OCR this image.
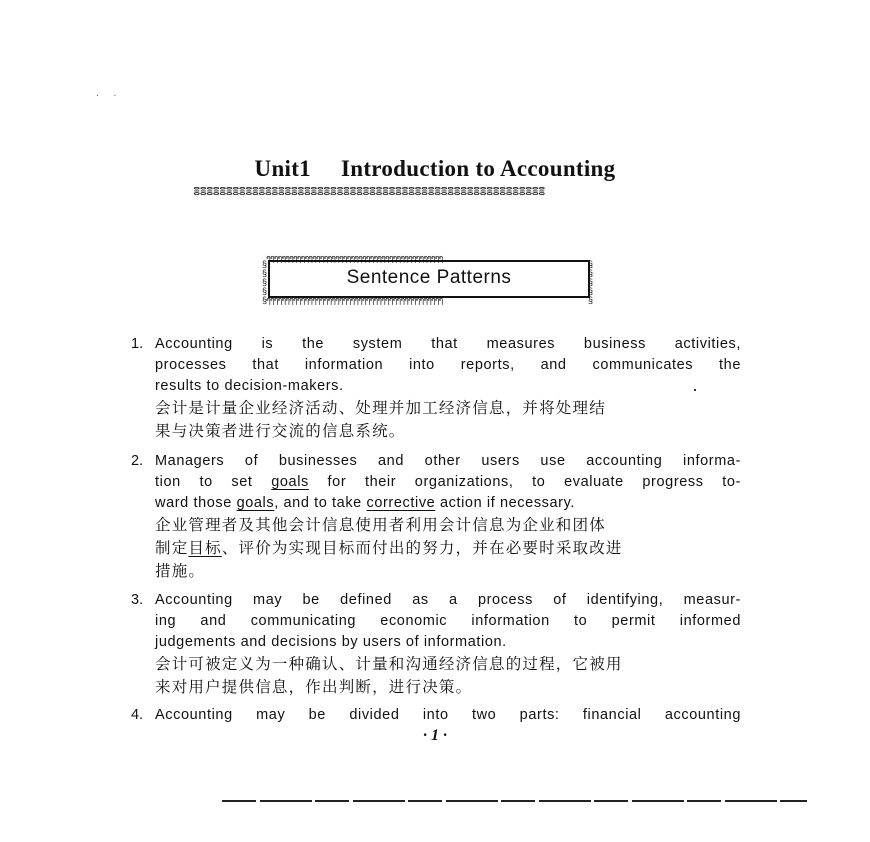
. .
Unit1 Introduction to Accounting
ⴻⴻⴻⴻⴻⴻⴻⴻⴻⴻⴻⴻⴻⴻⴻⴻⴻⴻⴻⴻⴻⴻⴻⴻⴻⴻⴻⴻⴻⴻⴻⴻⴻⴻⴻⴻⴻⴻⴻⴻⴻⴻⴻⴻⴻⴻⴻⴻⴻⴻⴻⴻⴻⴻ
ๆๆๆๆๆๆๆๆๆๆๆๆๆๆๆๆๆๆๆๆๆๆๆๆๆๆๆๆๆๆๆๆๆๆๆๆๆๆๆๆๆๆๆๆๆๆ
ๆๆๆๆๆๆๆๆๆๆๆๆๆๆๆๆๆๆๆๆๆๆๆๆๆๆๆๆๆๆๆๆๆๆๆๆๆๆๆๆๆๆๆๆๆๆ
§§§§§
§§§§§
Sentence Patterns
1. Accounting is the system that measures business activities,
processes that information into reports, and communicates the
results to decision-makers.
会计是计量企业经济活动、处理并加工经济信息，并将处理结
果与决策者进行交流的信息系统。
2. Managers of businesses and other users use accounting informa-
tion to set goals for their organizations, to evaluate progress to-
ward those goals, and to take corrective action if necessary.
企业管理者及其他会计信息使用者利用会计信息为企业和团体
制定目标、评价为实现目标而付出的努力，并在必要时采取改进
措施。
3. Accounting may be defined as a process of identifying, measur-
ing and communicating economic information to permit informed
judgements and decisions by users of information.
会计可被定义为一种确认、计量和沟通经济信息的过程，它被用
来对用户提供信息，作出判断，进行决策。
4. Accounting may be divided into two parts: financial accounting
· 1 ·
